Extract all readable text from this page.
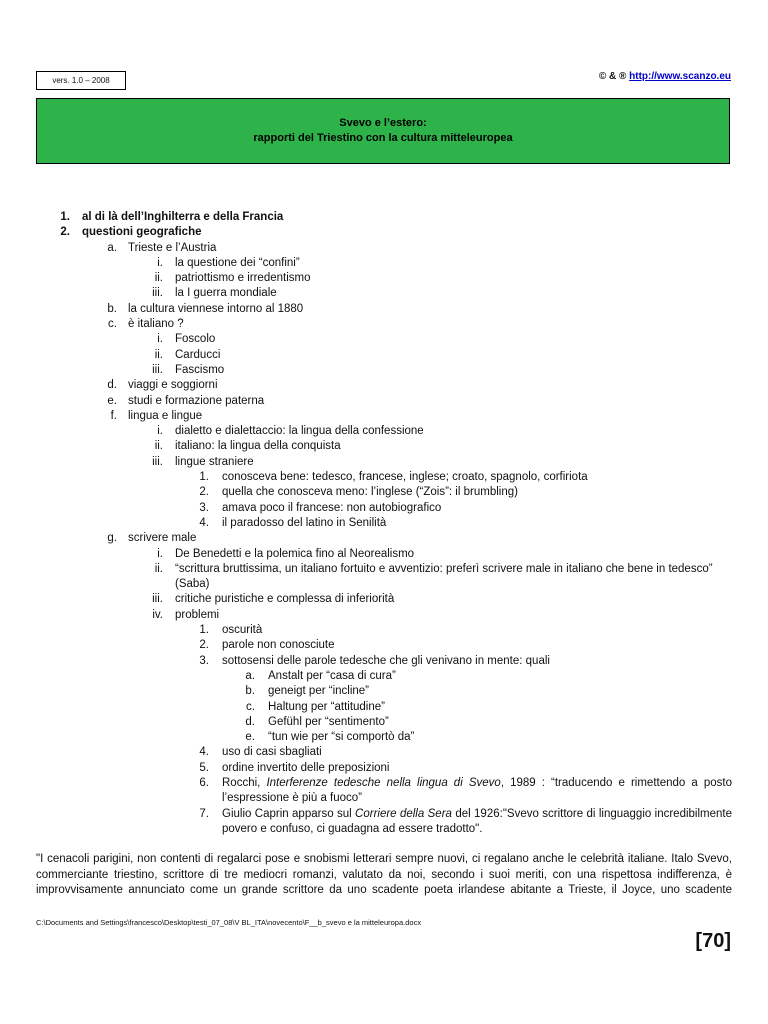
vers. 1.0 – 2008	© & ® http://www.scanzo.eu
Svevo e l’estero:
rapporti del Triestino con la cultura mitteleuropea
1. al di là dell’Inghilterra e della Francia
2. questioni geografiche
a. Trieste e l’Austria
i. la questione dei “confini”
ii. patriottismo e irredentismo
iii. la I guerra mondiale
b. la cultura viennese intorno al 1880
c. è italiano ?
i. Foscolo
ii. Carducci
iii. Fascismo
d. viaggi e soggiorni
e. studi e formazione paterna
f. lingua e lingue
i. dialetto e dialettaccio: la lingua della confessione
ii. italiano: la lingua della conquista
iii. lingue straniere
1. conosceva bene: tedesco, francese, inglese; croato, spagnolo, corfiriota
2. quella che conosceva meno: l’inglese (“Zois”: il brumbling)
3. amava poco il francese: non autobiografico
4. il paradosso del latino in Senilità
g. scrivere male
i. De Benedetti e la polemica fino al Neorealismo
ii. “scrittura bruttissima, un italiano fortuito e avventizio: preferì scrivere male in italiano che bene in tedesco” (Saba)
iii. critiche puristiche e complessa di inferiorità
iv. problemi
1. oscurità
2. parole non conosciute
3. sottosensi delle parole tedesche che gli venivano in mente: quali
a. Anstalt per “casa di cura”
b. geneigt per “incline”
c. Haltung per “attitudine”
d. Gefühl per “sentimento”
e. “tun wie per “si comportò da”
4. uso di casi sbagliati
5. ordine invertito delle preposizioni
6. Rocchi, Interferenze tedesche nella lingua di Svevo, 1989 : “traducendo e rimettendo a posto l’espressione è più a fuoco”
7. Giulio Caprin apparso sul Corriere della Sera del 1926:"Svevo scrittore di linguaggio incredibilmente povero e confuso, ci guadagna ad essere tradotto".
"I cenacoli parigini, non contenti di regalarci pose e snobismi letterari sempre nuovi, ci regalano anche le celebrità italiane. Italo Svevo, commerciante triestino, scrittore di tre mediocri romanzi, valutato da noi, secondo i suoi meriti, con una rispettosa indifferenza, è improvvisamente annunciato come un grande scrittore da uno scadente poeta irlandese abitante a Trieste, il Joyce, uno scadente
C:\Documents and Settings\francesco\Desktop\testi_07_08\V BL_ITA\novecento\F__b_svevo e la mitteleuropa.docx
[70]
